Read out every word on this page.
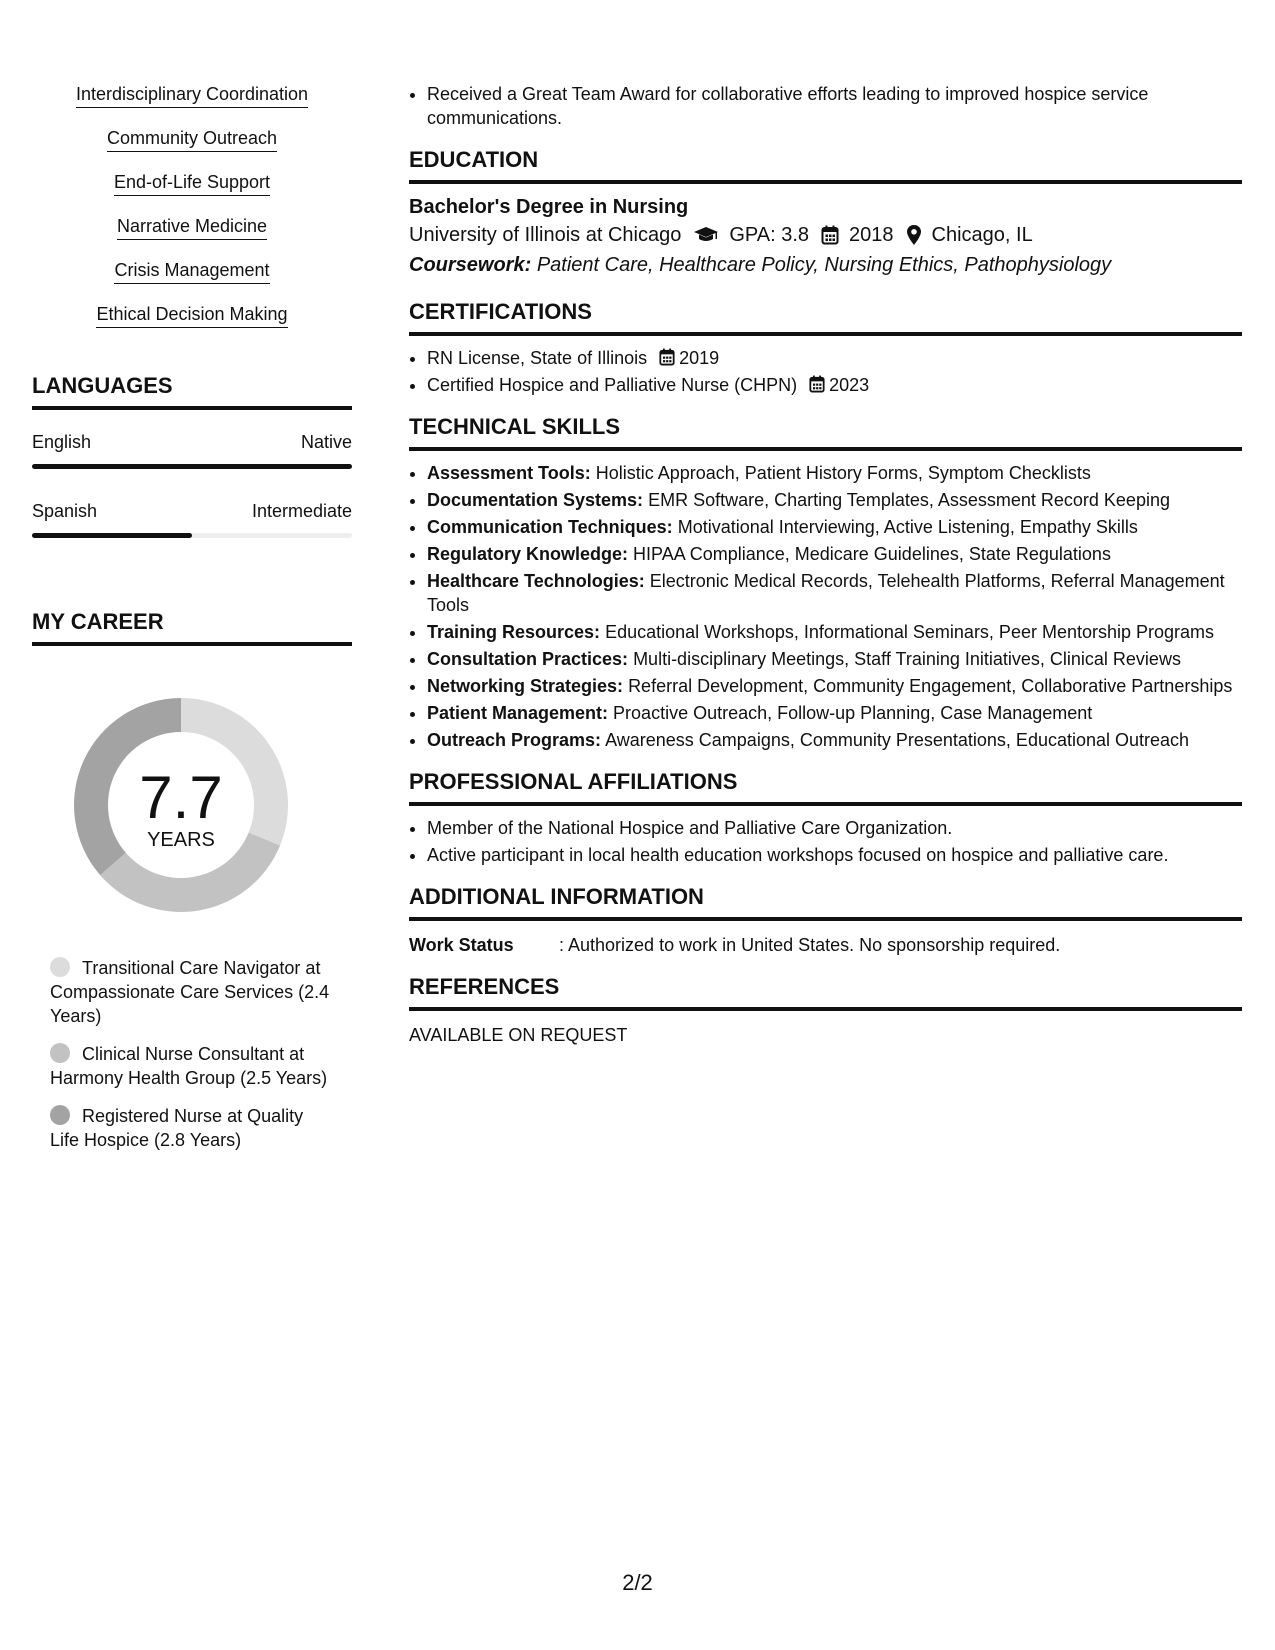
Interdisciplinary Coordination
Community Outreach
End-of-Life Support
Narrative Medicine
Crisis Management
Ethical Decision Making
LANGUAGES
English	Native
Spanish	Intermediate
MY CAREER
7.7
YEARS
Transitional Care Navigator at Compassionate Care Services (2.4 Years)
Clinical Nurse Consultant at Harmony Health Group (2.5 Years)
Registered Nurse at Quality Life Hospice (2.8 Years)
• Received a Great Team Award for collaborative efforts leading to improved hospice service communications.
EDUCATION
Bachelor's Degree in Nursing
University of Illinois at Chicago GPA: 3.8 2018 Chicago, IL
Coursework: Patient Care, Healthcare Policy, Nursing Ethics, Pathophysiology
CERTIFICATIONS
• RN License, State of Illinois 2019
• Certified Hospice and Palliative Nurse (CHPN) 2023
TECHNICAL SKILLS
• Assessment Tools: Holistic Approach, Patient History Forms, Symptom Checklists
• Documentation Systems: EMR Software, Charting Templates, Assessment Record Keeping
• Communication Techniques: Motivational Interviewing, Active Listening, Empathy Skills
• Regulatory Knowledge: HIPAA Compliance, Medicare Guidelines, State Regulations
• Healthcare Technologies: Electronic Medical Records, Telehealth Platforms, Referral Management Tools
• Training Resources: Educational Workshops, Informational Seminars, Peer Mentorship Programs
• Consultation Practices: Multi-disciplinary Meetings, Staff Training Initiatives, Clinical Reviews
• Networking Strategies: Referral Development, Community Engagement, Collaborative Partnerships
• Patient Management: Proactive Outreach, Follow-up Planning, Case Management
• Outreach Programs: Awareness Campaigns, Community Presentations, Educational Outreach
PROFESSIONAL AFFILIATIONS
• Member of the National Hospice and Palliative Care Organization.
• Active participant in local health education workshops focused on hospice and palliative care.
ADDITIONAL INFORMATION
Work Status	: Authorized to work in United States. No sponsorship required.
REFERENCES
AVAILABLE ON REQUEST
2/2
